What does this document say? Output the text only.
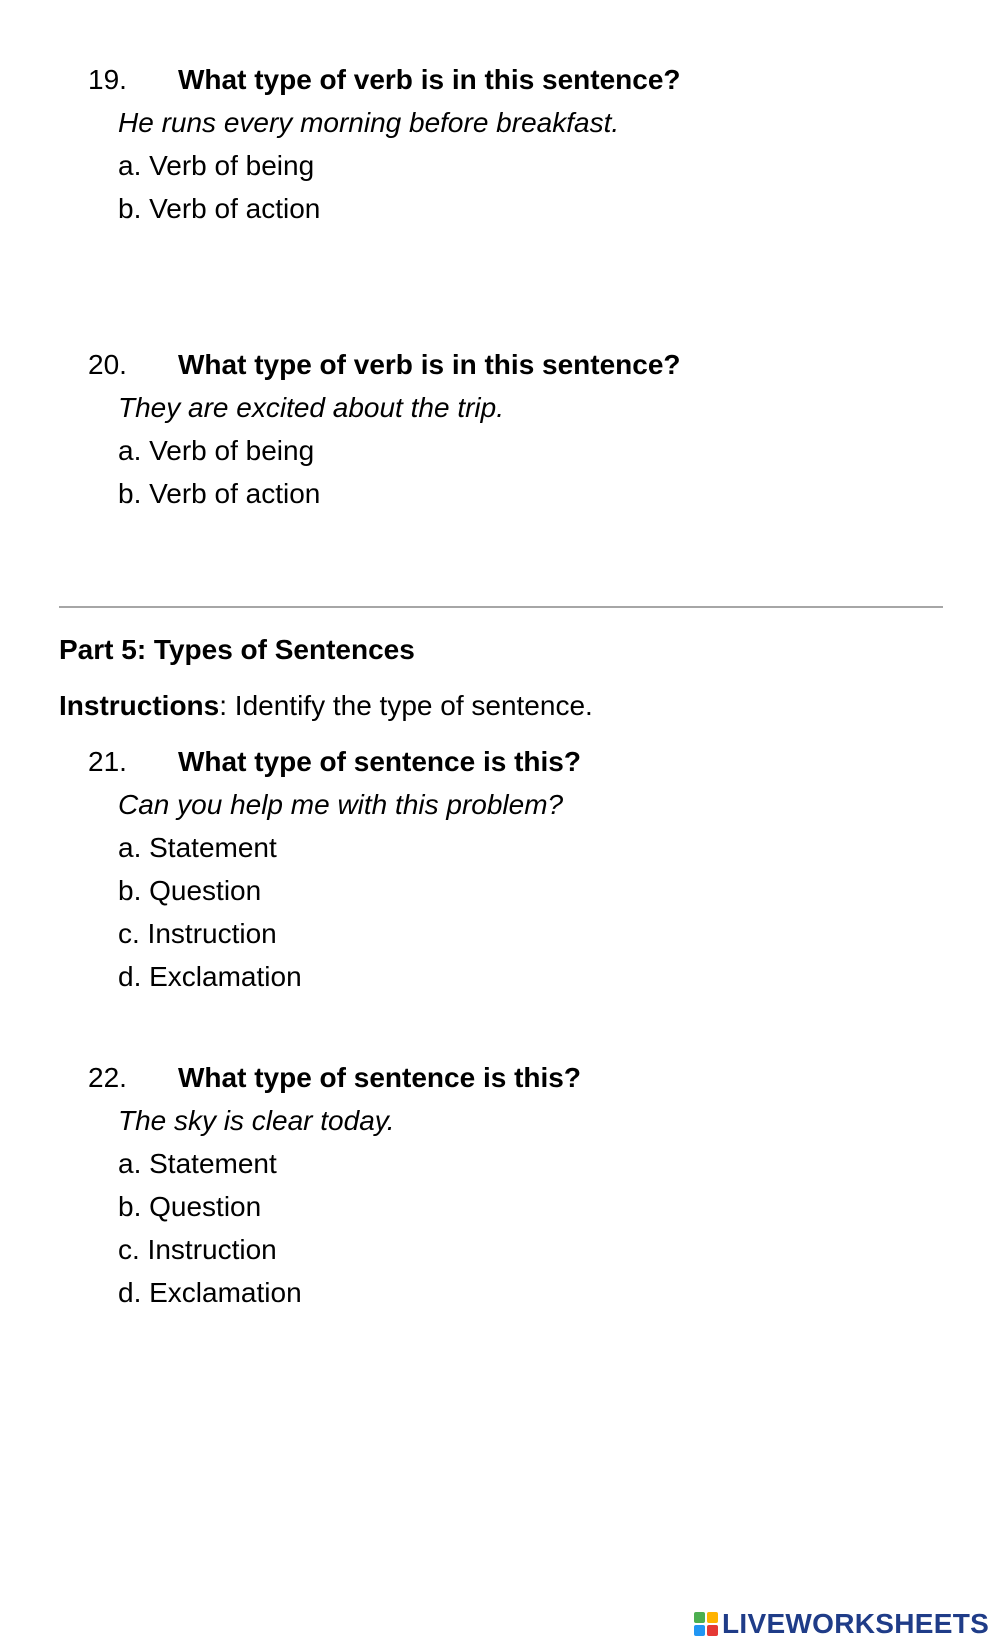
19. What type of verb is in this sentence?
He runs every morning before breakfast.
a. Verb of being
b. Verb of action
20. What type of verb is in this sentence?
They are excited about the trip.
a. Verb of being
b. Verb of action
Part 5: Types of Sentences
Instructions: Identify the type of sentence.
21. What type of sentence is this?
Can you help me with this problem?
a. Statement
b. Question
c. Instruction
d. Exclamation
22. What type of sentence is this?
The sky is clear today.
a. Statement
b. Question
c. Instruction
d. Exclamation
LIVEWORKSHEETS
